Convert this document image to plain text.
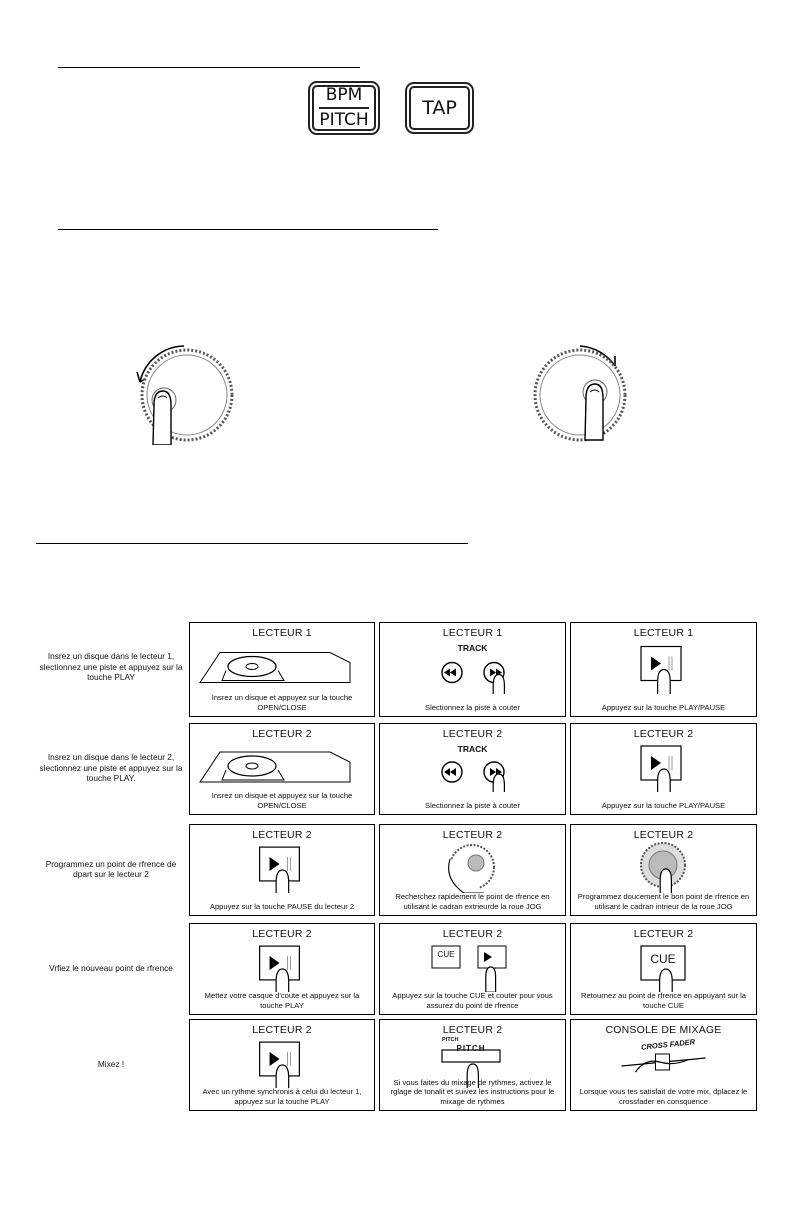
BPM
PITCH
TAP
Insrez un disque dans le lecteur 1, slectionnez une piste et appuyez sur la touche PLAY
LECTEUR 1
Insrez un disque et appuyez sur la touche OPEN/CLOSE
LECTEUR 1
TRACK
Slectionnez la piste à couter
LECTEUR 1
Appuyez sur la touche PLAY/PAUSE
Insrez un disque dans le lecteur 2, slectionnez une piste et appuyez sur la touche PLAY.
LECTEUR 2
Insrez un disque et appuyez sur la touche OPEN/CLOSE
LECTEUR 2
TRACK
Slectionnez la piste à couter
LECTEUR 2
Appuyez sur la touche PLAY/PAUSE
Programmez un point de rfrence de dpart sur le lecteur 2
LECTEUR 2
Appuyez sur la touche PAUSE du lecteur 2
LECTEUR 2
Recherchez rapidement le point de rfrence en utilisant le cadran extrieurde la roue JOG
LECTEUR 2
Programmez doucement le bon point de rfrence en utilisant le cadran intrieur de la roue JOG
Vrfiez le nouveau point de rfrence
LECTEUR 2
Mettez votre casque d'coute et appuyez sur la touche PLAY
LECTEUR 2
CUE
Appuyez sur la touche CUE et couter pour vous assurez du point de rfrence
LECTEUR 2
CUE
Retournez au point de rfrence en appuyant sur la touche CUE
Mixez !
LECTEUR 2
Avec un rythme synchronis à celui du lecteur 1, appuyez sur la touche PLAY
LECTEUR 2
PITCH
PITCH
Si vous faites du mixage de rythmes, activez le rglage de tonalit et suivez les instructions pour le mixage de rythmes
CONSOLE DE MIXAGE
CROSS FADER
Lorsque vous tes satisfait de votre mix, dplacez le crossfader en consquence
